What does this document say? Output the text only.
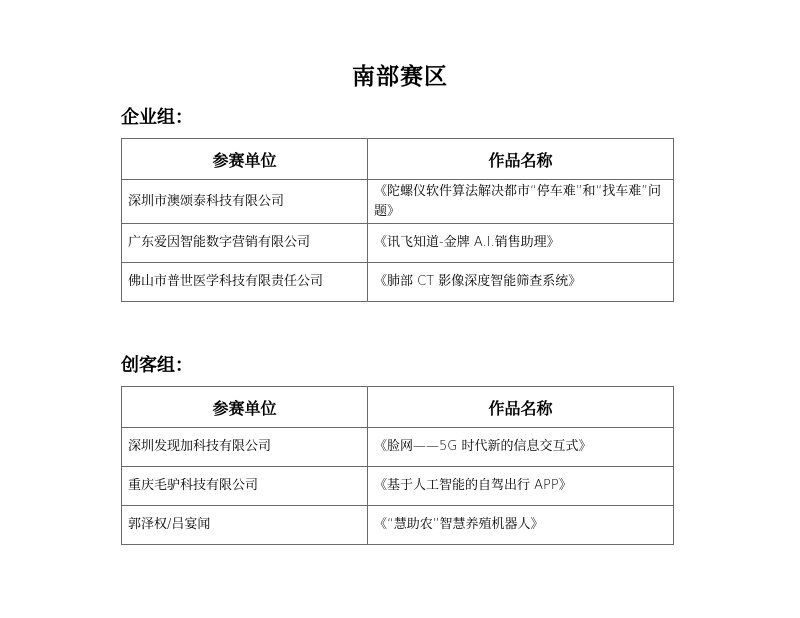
南部赛区
企业组：
参赛单位	作品名称
深圳市澳颂泰科技有限公司	《陀螺仪软件算法解决都市“停车难”和“找车难”问题》
广东爱因智能数字营销有限公司	《讯飞知道-金牌 A.I.销售助理》
佛山市普世医学科技有限责任公司	《肺部 CT 影像深度智能筛查系统》
创客组：
参赛单位	作品名称
深圳发现加科技有限公司	《脸网——5G 时代新的信息交互式》
重庆毛驴科技有限公司	《基于人工智能的自驾出行 APP》
郭泽权/吕宴闻	《“慧助农”智慧养殖机器人》
